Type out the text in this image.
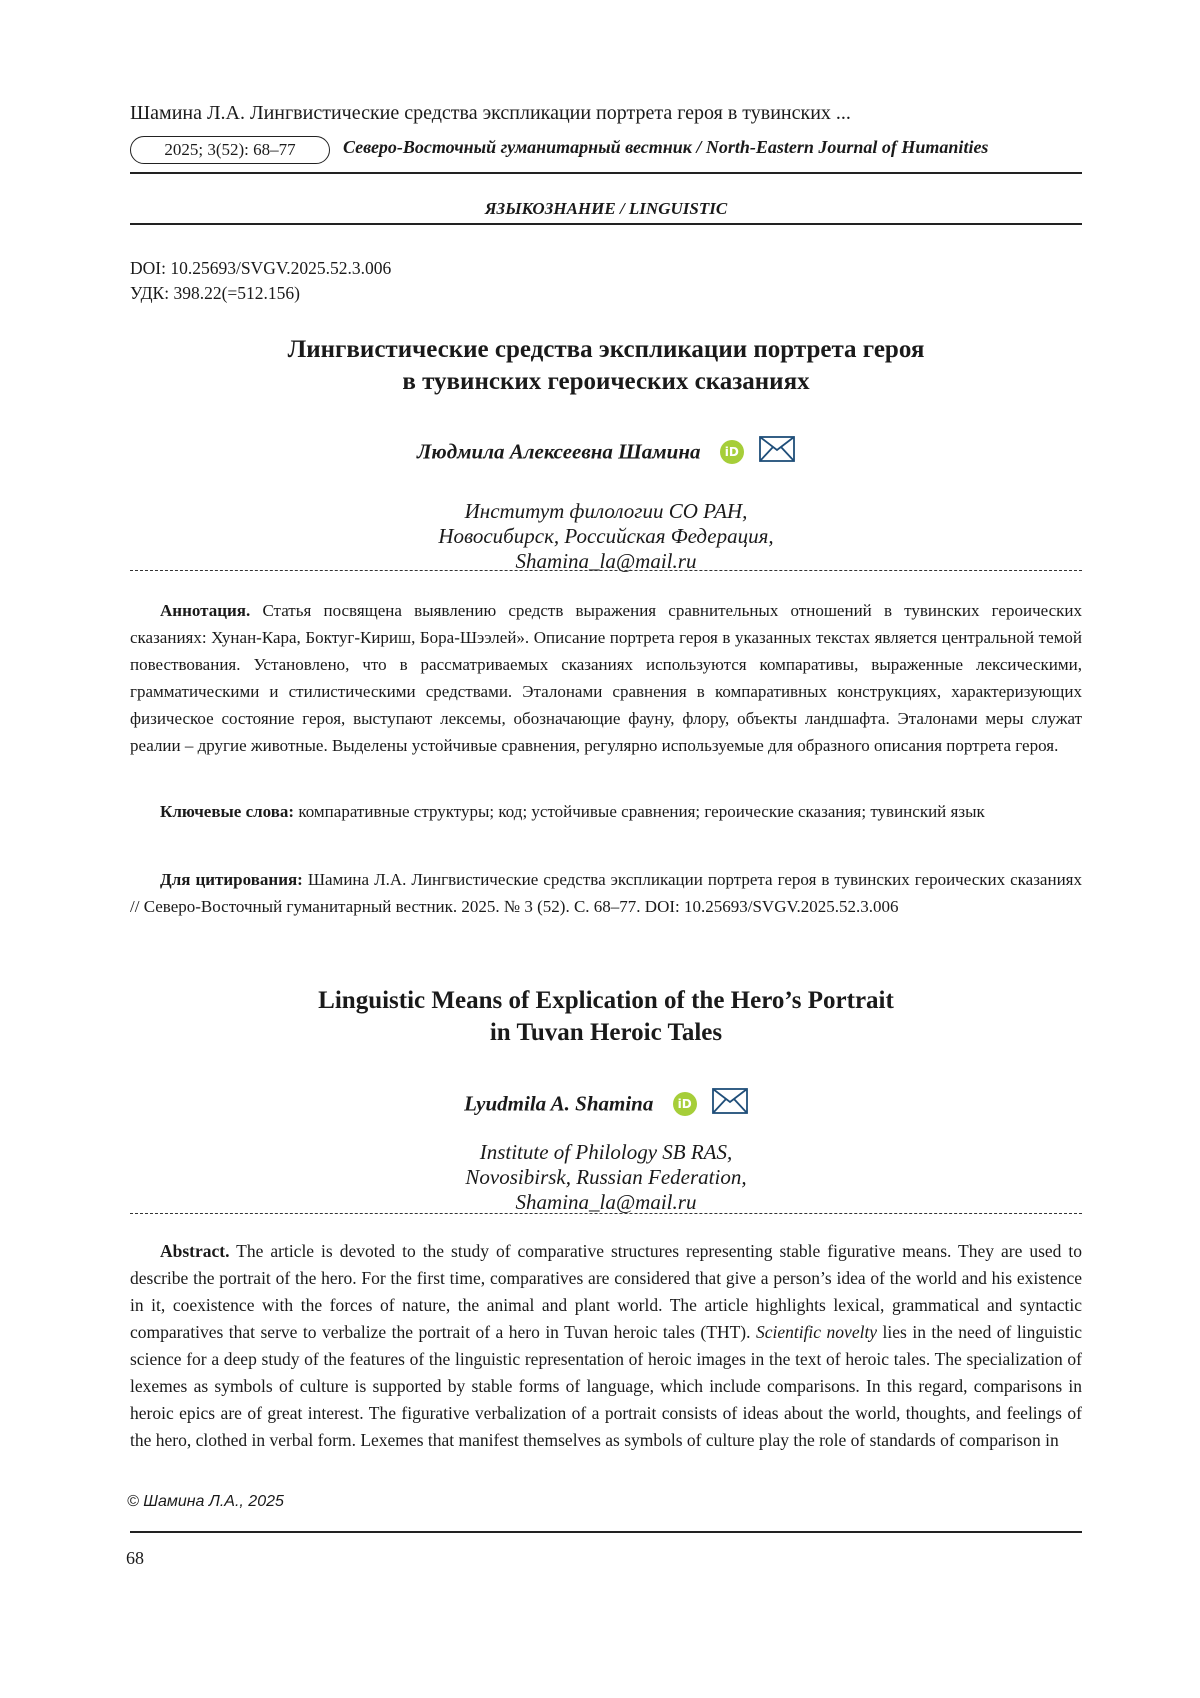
Шамина Л.А. Лингвистические средства экспликации портрета героя в тувинских ...
2025; 3(52): 68–77	Северо-Восточный гуманитарный вестник / North-Eastern Journal of Humanities
ЯЗЫКОЗНАНИЕ / LINGUISTIC
DOI: 10.25693/SVGV.2025.52.3.006
УДК: 398.22(=512.156)
Лингвистические средства экспликации портрета героя
в тувинских героических сказаниях
Людмила Алексеевна Шамина iD
Институт филологии СО РАН,
Новосибирск, Российская Федерация,
Shamina_la@mail.ru
Аннотация. Статья посвящена выявлению средств выражения сравнительных отношений в тувинских героических сказаниях: Хунан-Кара, Боктуг-Кириш, Бора-Шээлей». Описание портрета героя в указанных текстах является центральной темой повествования. Установлено, что в рассматриваемых сказаниях используются компаративы, выраженные лексическими, грамматическими и стилистическими средствами. Эталонами сравнения в компаративных конструкциях, характеризующих физическое состояние героя, выступают лексемы, обозначающие фауну, флору, объекты ландшафта. Эталонами меры служат реалии – другие животные. Выделены устойчивые сравнения, регулярно используемые для образного описания портрета героя.
Ключевые слова: компаративные структуры; код; устойчивые сравнения; героические сказания; тувинский язык
Для цитирования: Шамина Л.А. Лингвистические средства экспликации портрета героя в тувинских героических сказаниях // Северо-Восточный гуманитарный вестник. 2025. № 3 (52). С. 68–77. DOI: 10.25693/SVGV.2025.52.3.006
Linguistic Means of Explication of the Hero’s Portrait
in Tuvan Heroic Tales
Lyudmila A. Shamina iD
Institute of Philology SB RAS,
Novosibirsk, Russian Federation,
Shamina_la@mail.ru
Abstract. The article is devoted to the study of comparative structures representing stable figurative means. They are used to describe the portrait of the hero. For the first time, comparatives are considered that give a person’s idea of the world and his existence in it, coexistence with the forces of nature, the animal and plant world. The article highlights lexical, grammatical and syntactic comparatives that serve to verbalize the portrait of a hero in Tuvan heroic tales (THT). Scientific novelty lies in the need of linguistic science for a deep study of the features of the linguistic representation of heroic images in the text of heroic tales. The specialization of lexemes as symbols of culture is supported by stable forms of language, which include comparisons. In this regard, comparisons in heroic epics are of great interest. The figurative verbalization of a portrait consists of ideas about the world, thoughts, and feelings of the hero, clothed in verbal form. Lexemes that manifest themselves as symbols of culture play the role of standards of comparison in
© Шамина Л.А., 2025
68
